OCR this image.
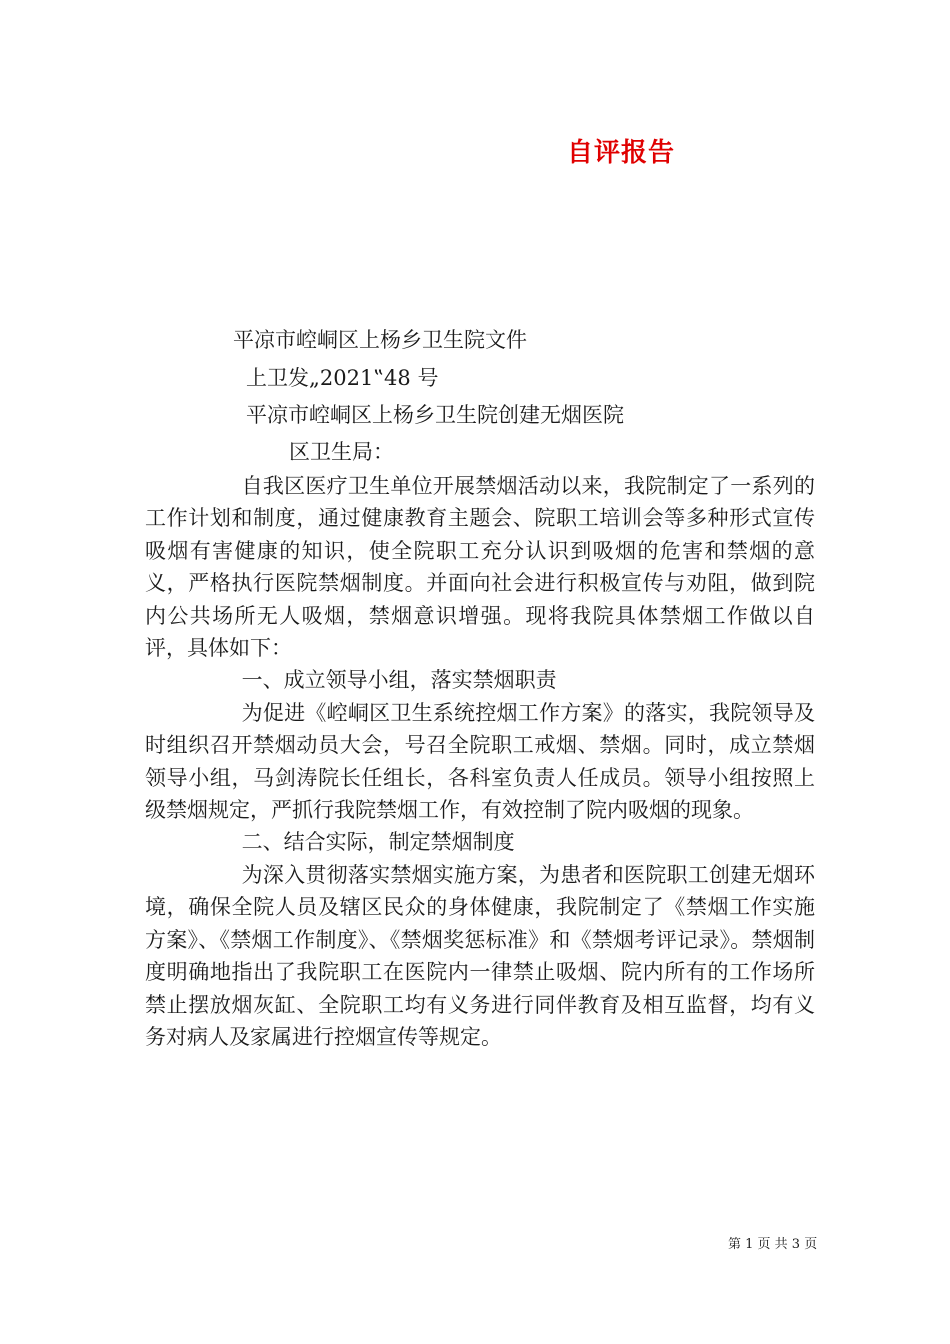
自评报告
平凉市崆峒区上杨乡卫生院文件
上卫发„2021‟48 号
平凉市崆峒区上杨乡卫生院创建无烟医院
区卫生局：

自我区医疗卫生单位开展禁烟活动以来，我院制定了一系列的工作计划和制度，通过健康教育主题会、院职工培训会等多种形式宣传吸烟有害健康的知识，使全院职工充分认识到吸烟的危害和禁烟的意义，严格执行医院禁烟制度。并面向社会进行积极宣传与劝阻，做到院内公共场所无人吸烟，禁烟意识增强。现将我院具体禁烟工作做以自评，具体如下：

一、成立领导小组，落实禁烟职责

为促进《崆峒区卫生系统控烟工作方案》的落实，我院领导及时组织召开禁烟动员大会，号召全院职工戒烟、禁烟。同时，成立禁烟领导小组，马剑涛院长任组长，各科室负责人任成员。领导小组按照上级禁烟规定，严抓行我院禁烟工作，有效控制了院内吸烟的现象。

二、结合实际，制定禁烟制度

为深入贯彻落实禁烟实施方案，为患者和医院职工创建无烟环境，确保全院人员及辖区民众的身体健康，我院制定了《禁烟工作实施方案》、《禁烟工作制度》、《禁烟奖惩标准》和《禁烟考评记录》。禁烟制度明确地指出了我院职工在医院内一律禁止吸烟、院内所有的工作场所禁止摆放烟灰缸、全院职工均有义务进行同伴教育及相互监督，均有义务对病人及家属进行控烟宣传等规定。

第 1 页 共 3 页
